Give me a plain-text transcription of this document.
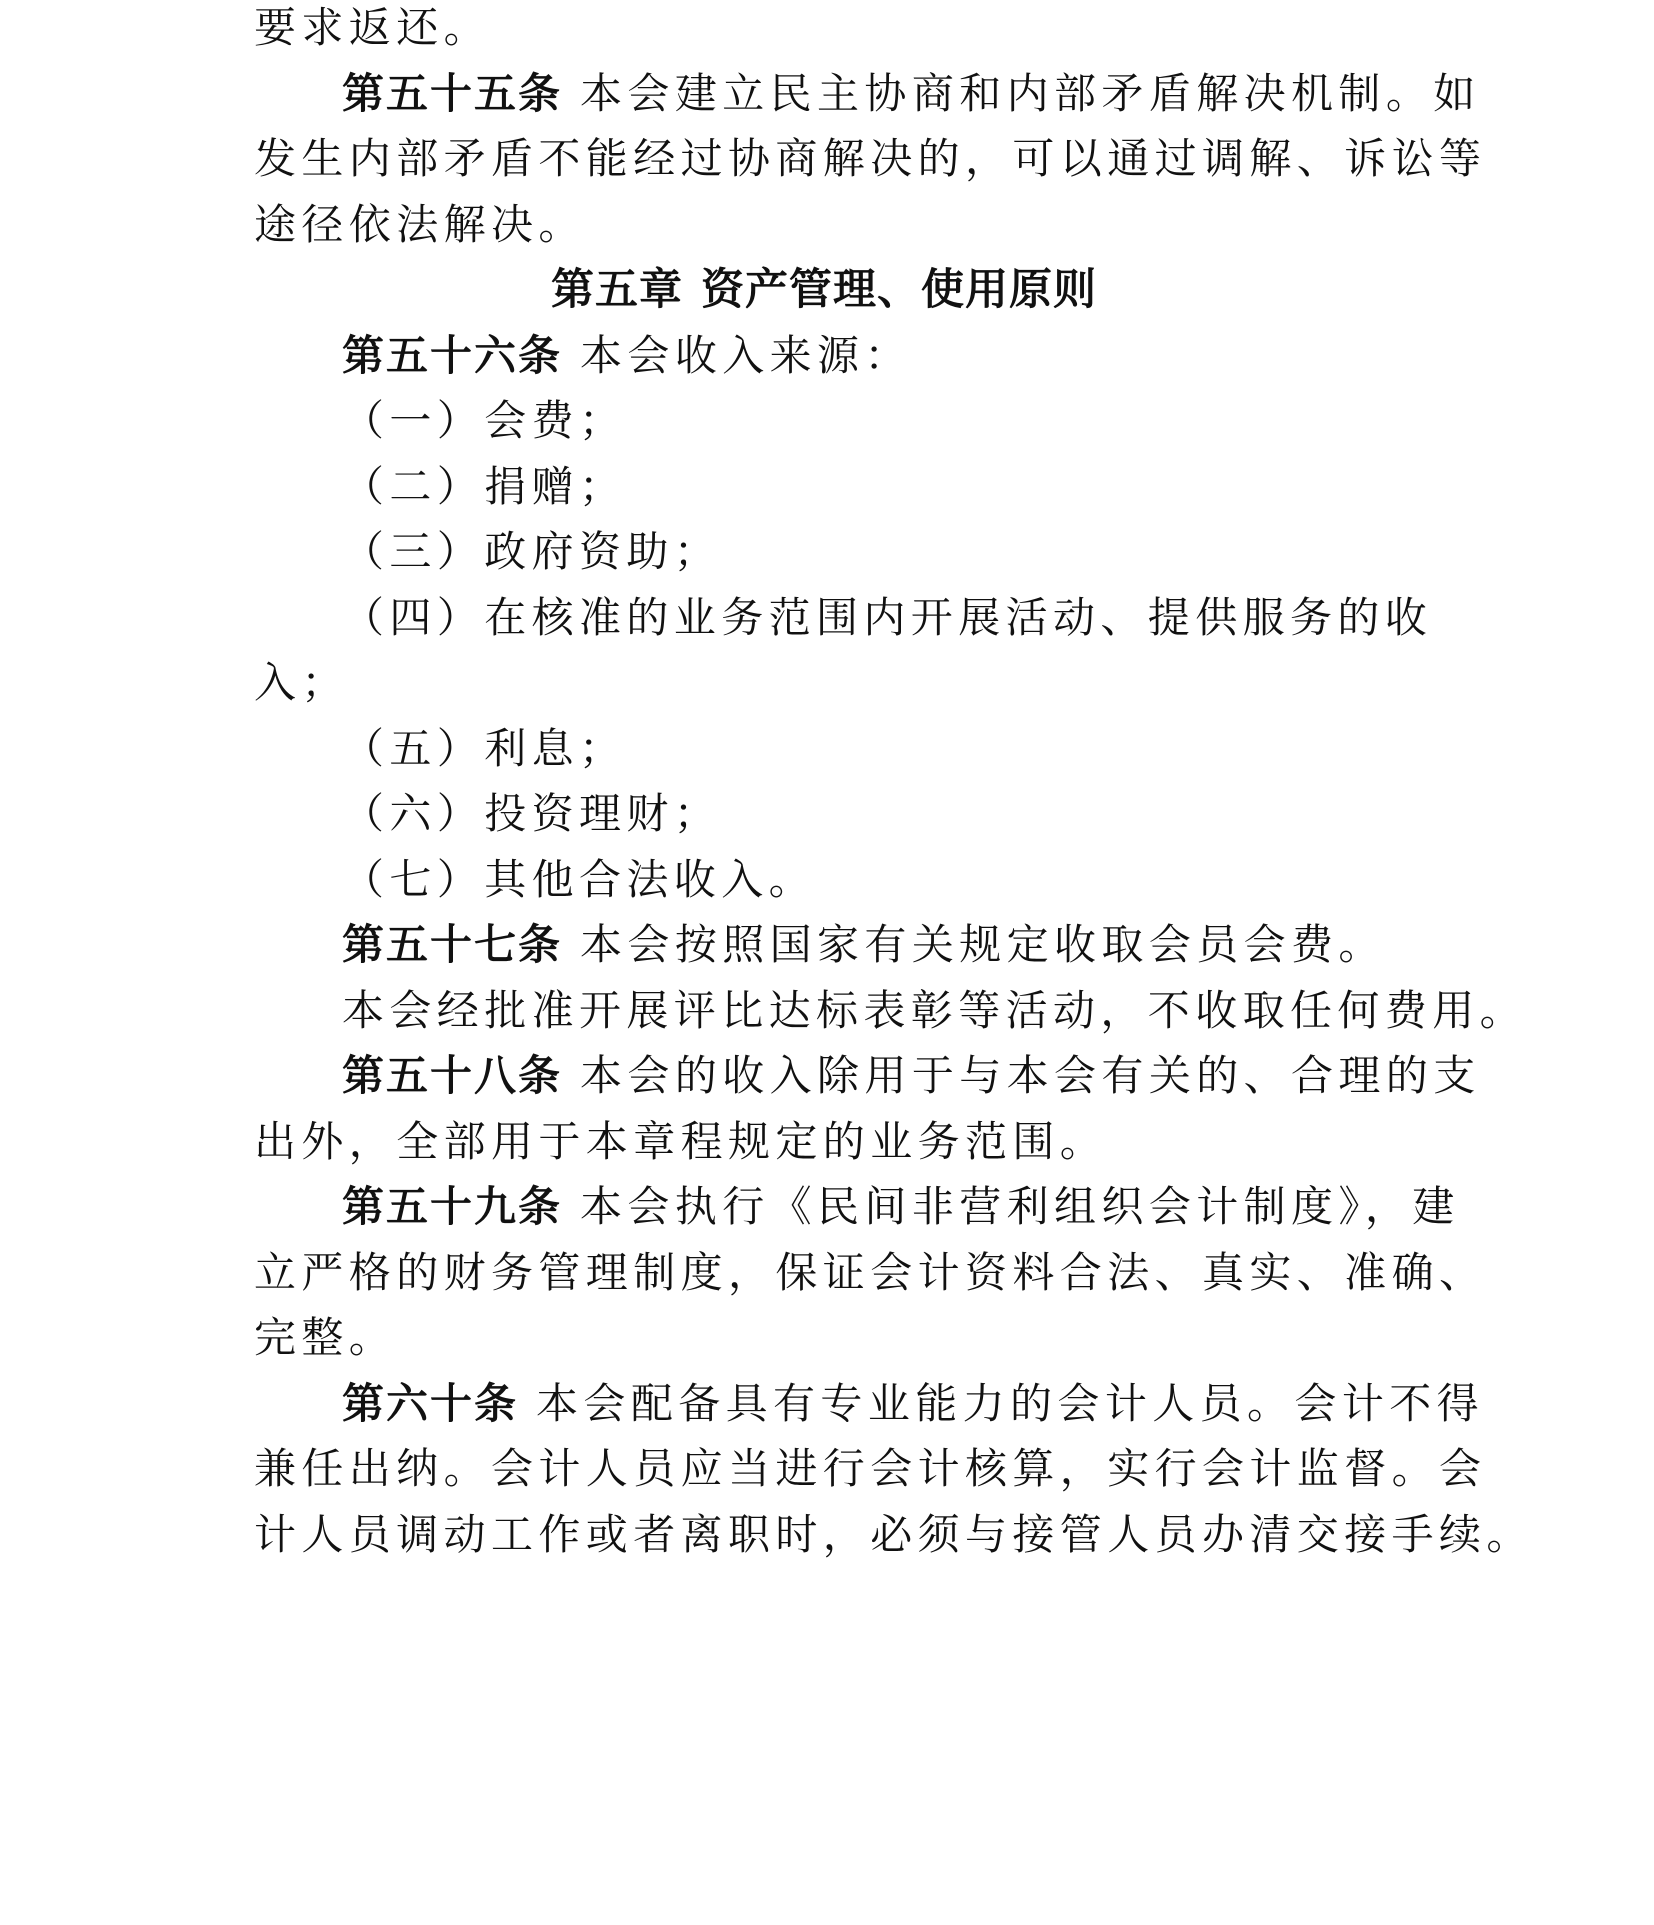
要求返还。
第五十五条 本会建立民主协商和内部矛盾解决机制。如
发生内部矛盾不能经过协商解决的，可以通过调解、诉讼等
途径依法解决。
第五章 资产管理、使用原则
第五十六条 本会收入来源：
（一）会费；
（二）捐赠；
（三）政府资助；
（四）在核准的业务范围内开展活动、提供服务的收
入；
（五）利息；
（六）投资理财；
（七）其他合法收入。
第五十七条 本会按照国家有关规定收取会员会费。
本会经批准开展评比达标表彰等活动，不收取任何费用。
第五十八条 本会的收入除用于与本会有关的、合理的支
出外，全部用于本章程规定的业务范围。
第五十九条 本会执行《民间非营利组织会计制度》，建
立严格的财务管理制度，保证会计资料合法、真实、准确、
完整。
第六十条 本会配备具有专业能力的会计人员。会计不得
兼任出纳。会计人员应当进行会计核算，实行会计监督。会
计人员调动工作或者离职时，必须与接管人员办清交接手续。
